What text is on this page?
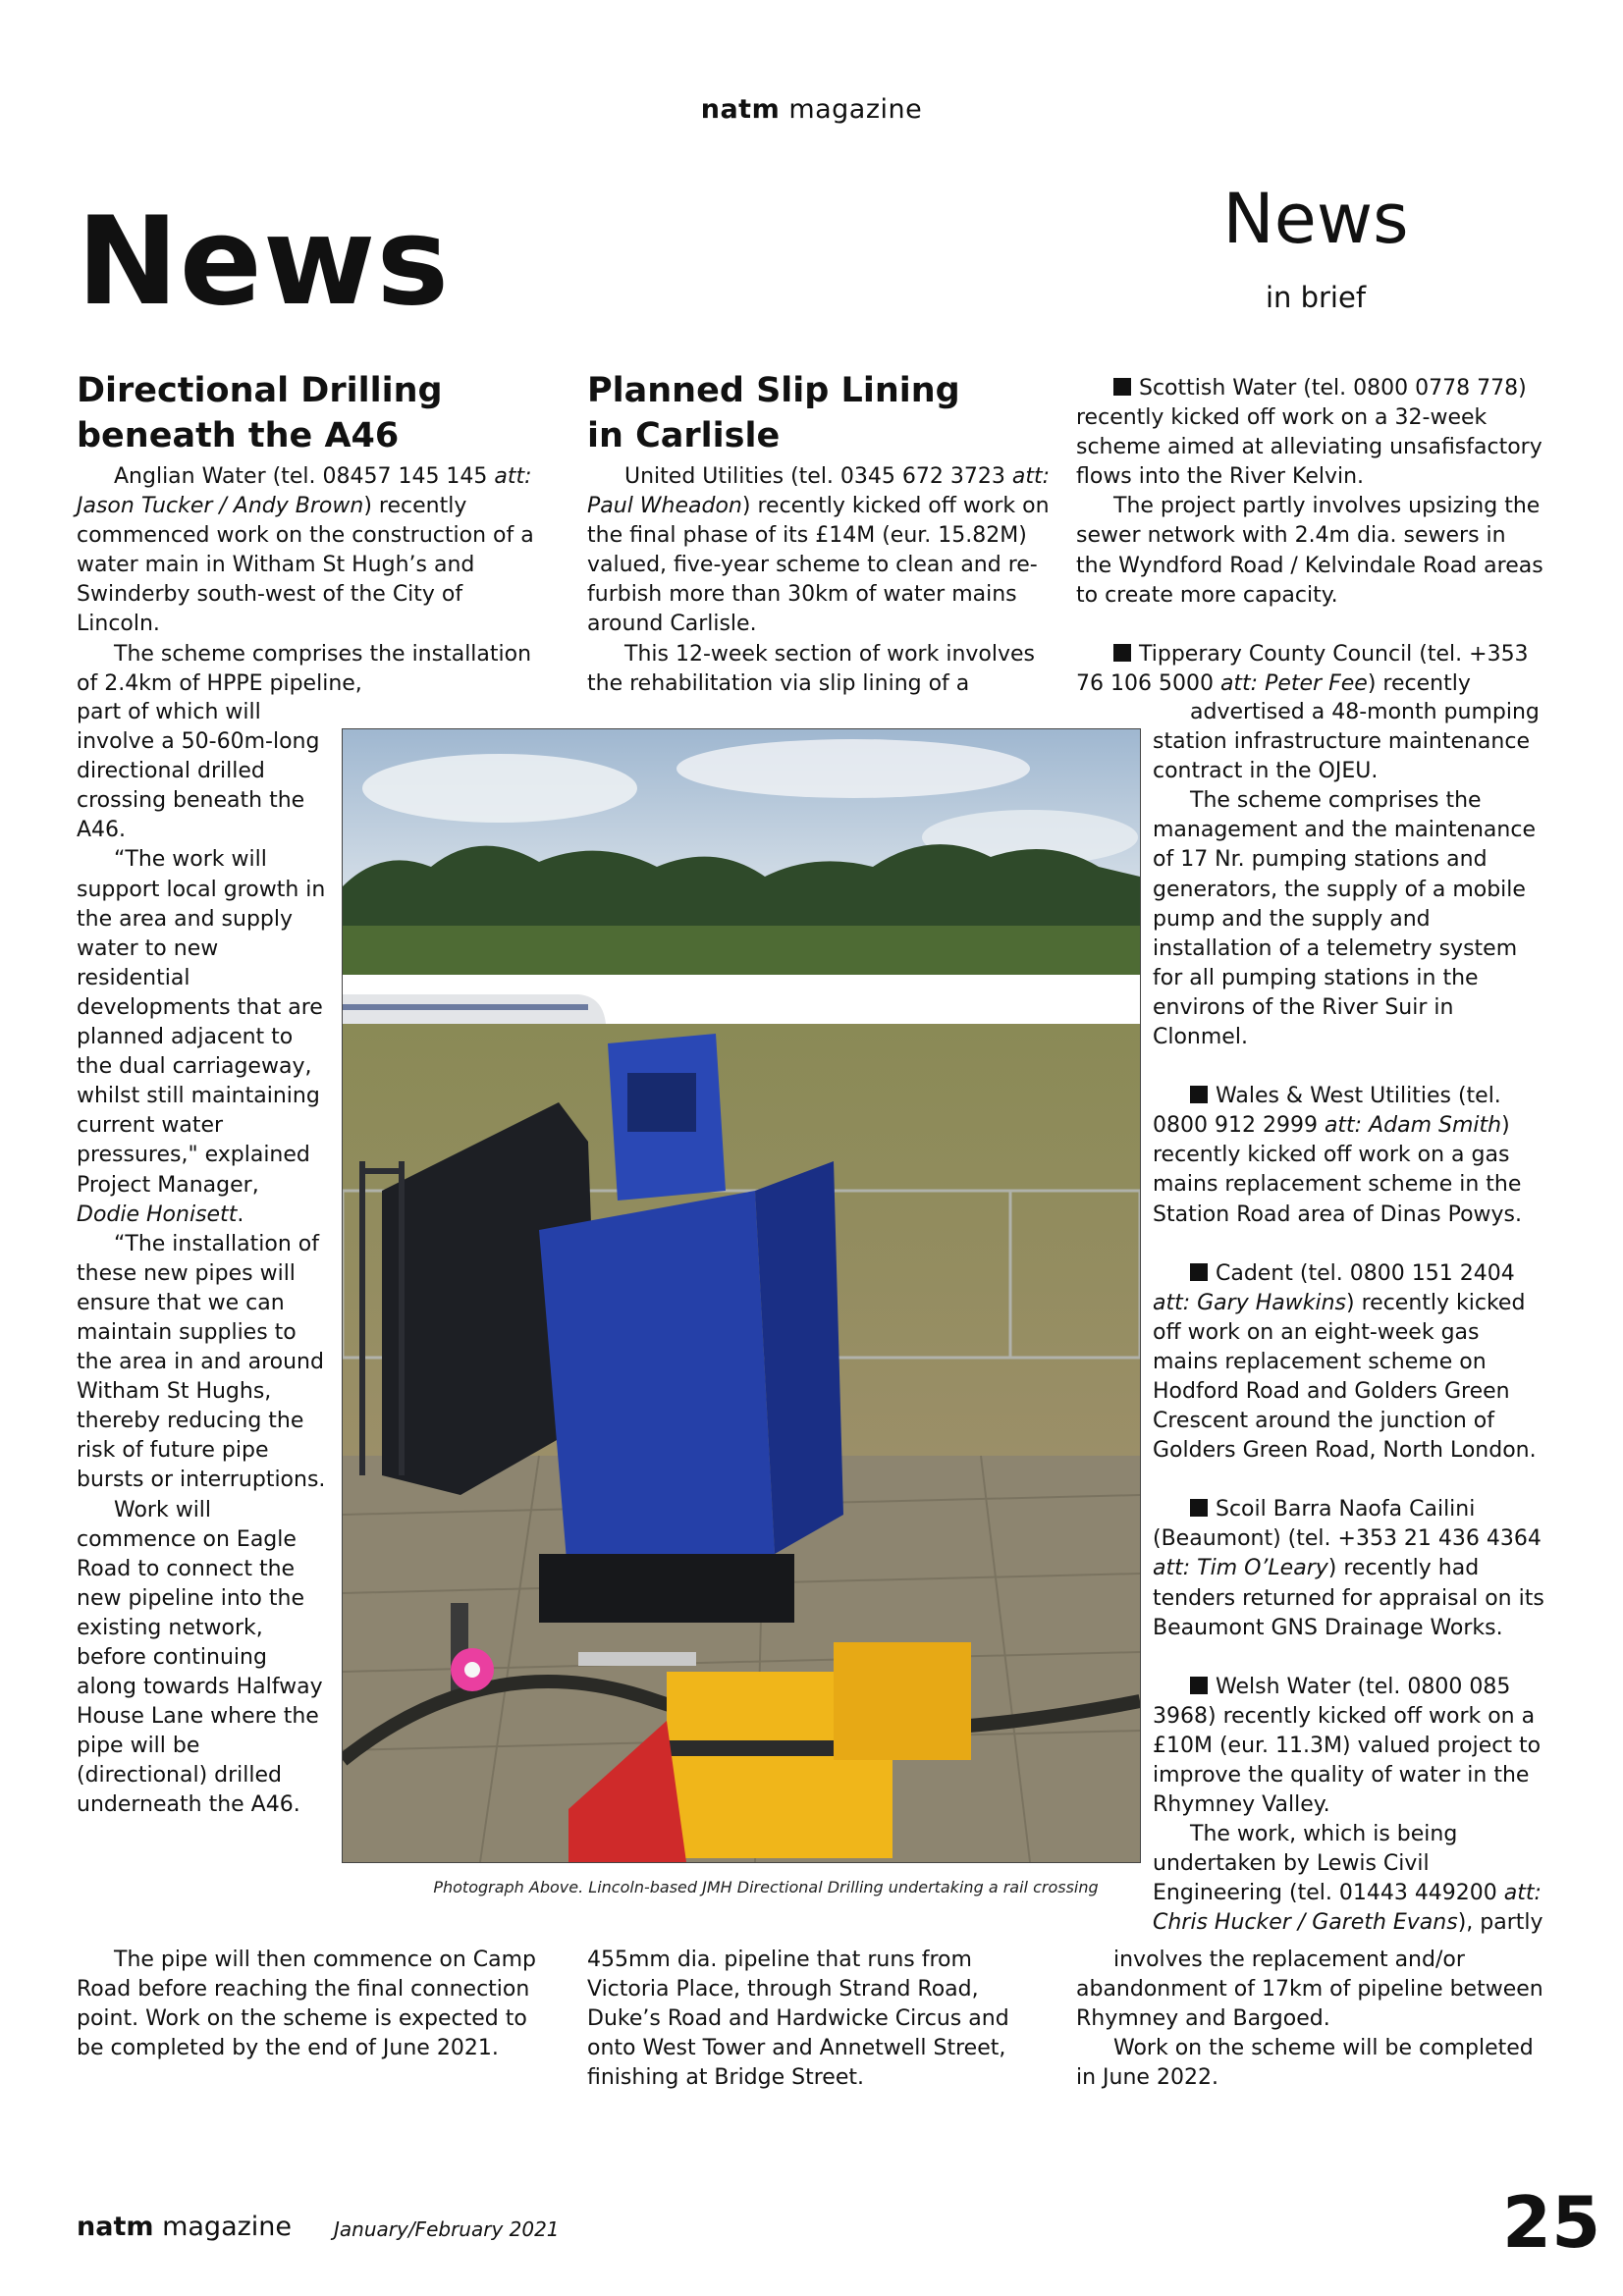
natm magazine
News	News
in brief
Directional Drilling
beneath the A46

Anglian Water (tel. 08457 145 145 att: Jason Tucker / Andy Brown) recently commenced work on the construction of a water main in Witham St Hugh’s and Swinderby south-west of the City of Lincoln.

The scheme comprises the installation of 2.4km of HPPE pipeline,

part of which will involve a 50-60m-long directional drilled crossing beneath the A46.

“The work will support local growth in the area and supply water to new residential developments that are planned adjacent to the dual carriageway, whilst still maintaining current water pressures," explained Project Manager, Dodie Honisett.

“The installation of these new pipes will ensure that we can maintain supplies to the area in and around Witham St Hughs, thereby reducing the risk of future pipe bursts or interruptions.

Work will commence on Eagle Road to connect the new pipeline into the existing network, before continuing along towards Halfway House Lane where the pipe will be (directional) drilled underneath the A46.

The pipe will then commence on Camp Road before reaching the final connection point. Work on the scheme is expected to be completed by the end of June 2021.

Planned Slip Lining
in Carlisle

United Utilities (tel. 0345 672 3723 att: Paul Wheadon) recently kicked off work on the final phase of its £14M (eur. 15.82M) valued, five-year scheme to clean and re-furbish more than 30km of water mains around Carlisle.

This 12-week section of work involves the rehabilitation via slip lining of a

455mm dia. pipeline that runs from Victoria Place, through Strand Road, Duke’s Road and Hardwicke Circus and onto West Tower and Annetwell Street, finishing at Bridge Street.

Scottish Water (tel. 0800 0778 778) recently kicked off work on a 32-week scheme aimed at alleviating unsafisfactory flows into the River Kelvin.

The project partly involves upsizing the sewer network with 2.4m dia. sewers in the Wyndford Road / Kelvindale Road areas to create more capacity.

Tipperary County Council (tel. +353 76 106 5000 att: Peter Fee) recently

advertised a 48-month pumping station infrastructure maintenance contract in the OJEU.

The scheme comprises the management and the maintenance of 17 Nr. pumping stations and generators, the supply of a mobile pump and the supply and installation of a telemetry system for all pumping stations in the environs of the River Suir in Clonmel.

Wales & West Utilities (tel. 0800 912 2999 att: Adam Smith) recently kicked off work on a gas mains replacement scheme in the Station Road area of Dinas Powys.

Cadent (tel. 0800 151 2404 att: Gary Hawkins) recently kicked off work on an eight-week gas mains replacement scheme on Hodford Road and Golders Green Crescent around the junction of Golders Green Road, North London.

Scoil Barra Naofa Cailini (Beaumont) (tel. +353 21 436 4364 att: Tim O’Leary) recently had tenders returned for appraisal on its Beaumont GNS Drainage Works.

Welsh Water (tel. 0800 085 3968) recently kicked off work on a £10M (eur. 11.3M) valued project to improve the quality of water in the Rhymney Valley.

The work, which is being undertaken by Lewis Civil Engineering (tel. 01443 449200 att: Chris Hucker / Gareth Evans), partly

involves the replacement and/or abandonment of 17km of pipeline between Rhymney and Bargoed.

Work on the scheme will be completed in June 2022.

Photograph Above. Lincoln-based JMH Directional Drilling undertaking a rail crossing
natm magazine January/February 2021	25
